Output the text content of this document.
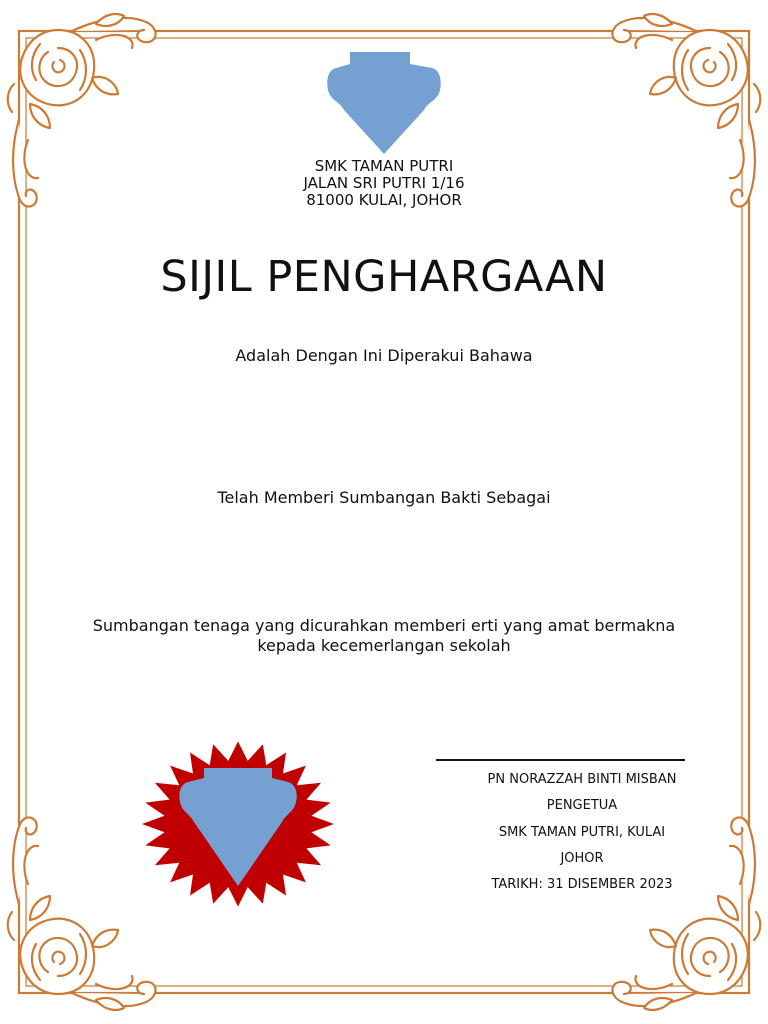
SMK TAMAN PUTRI
JALAN SRI PUTRI 1/16
81000 KULAI, JOHOR
SIJIL PENGHARGAAN
Adalah Dengan Ini Diperakui Bahawa
Telah Memberi Sumbangan Bakti Sebagai
Sumbangan tenaga yang dicurahkan memberi erti yang amat bermakna
kepada kecemerlangan sekolah
PN NORAZZAH BINTI MISBAN
PENGETUA
SMK TAMAN PUTRI, KULAI
JOHOR
TARIKH: 31 DISEMBER 2023
